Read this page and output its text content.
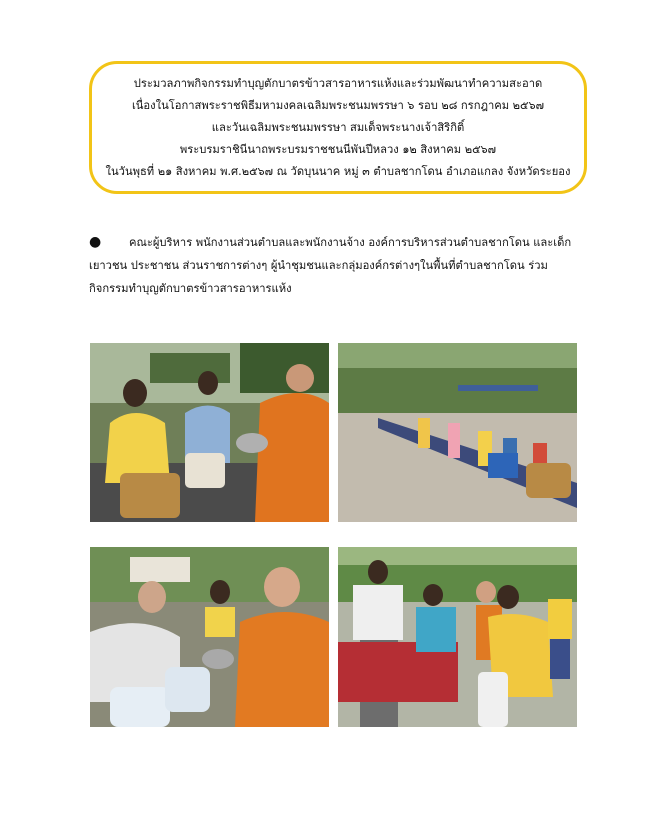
ประมวลภาพกิจกรรมทำบุญตักบาตรข้าวสารอาหารแห้งและร่วมพัฒนาทำความสะอาด
เนื่องในโอกาสพระราชพิธีมหามงคลเฉลิมพระชนมพรรษา ๖ รอบ ๒๘ กรกฎาคม ๒๕๖๗
และวันเฉลิมพระชนมพรรษา สมเด็จพระนางเจ้าสิริกิติ์
พระบรมราชินีนาถพระบรมราชชนนีพันปีหลวง ๑๒ สิงหาคม ๒๕๖๗
ในวันพุธที่ ๒๑ สิงหาคม พ.ศ.๒๕๖๗ ณ วัดบุนนาค หมู่ ๓ ตำบลชากโดน อำเภอแกลง จังหวัดระยอง
●	คณะผู้บริหาร พนักงานส่วนตำบลและพนักงานจ้าง องค์การบริหารส่วนตำบลชากโดน และเด็กเยาวชน ประชาชน ส่วนราชการต่างๆ ผู้นำชุมชนและกลุ่มองค์กรต่างๆในพื้นที่ตำบลชากโดน ร่วมกิจกรรมทำบุญตักบาตรข้าวสารอาหารแห้ง
